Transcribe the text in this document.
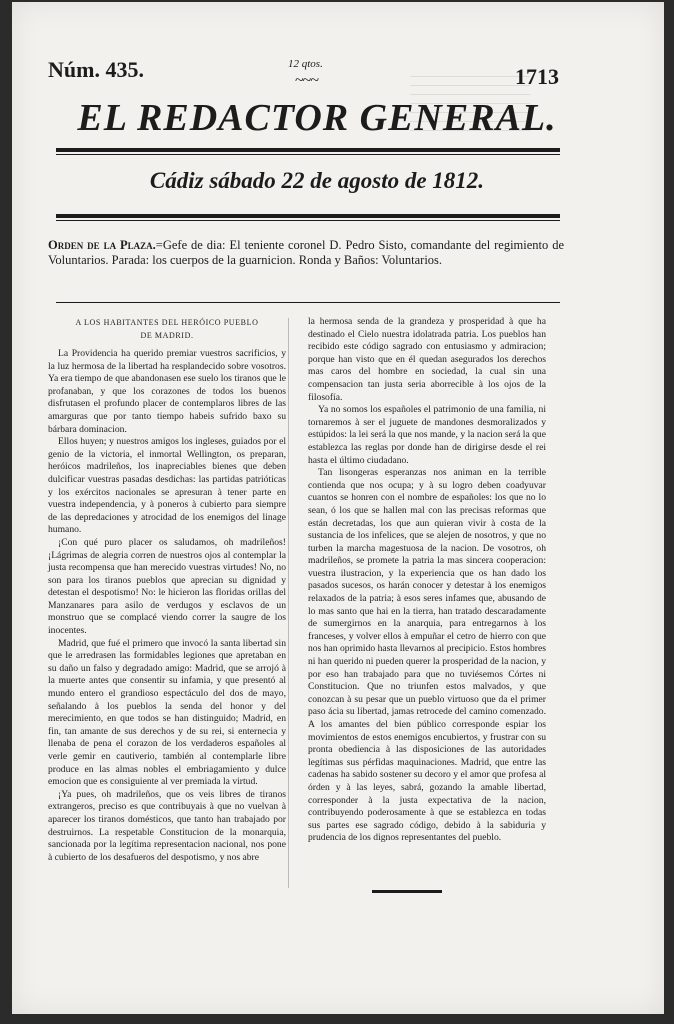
Núm. 435.	12 qtos.
~~~	1713
EL REDACTOR GENERAL.
Cádiz sábado 22 de agosto de 1812.
Orden de la Plaza.=Gefe de dia: El teniente coronel D. Pedro Sisto, comandante del regimiento de Voluntarios. Parada: los cuerpos de la guarnicion. Ronda y Baños: Voluntarios.
A LOS HABITANTES DEL HERÓICO PUEBLO
DE MADRID.

La Providencia ha querido premiar vuestros sacrificios, y la luz hermosa de la libertad ha resplandecido sobre vosotros. Ya era tiempo de que abandonasen ese suelo los tiranos que le profanaban, y que los corazones de todos los buenos disfrutasen el profundo placer de contemplaros libres de las amarguras que por tanto tiempo habeis sufrido baxo su bárbara dominacion.

Ellos huyen; y nuestros amigos los ingleses, guiados por el genio de la victoria, el inmortal Wellington, os preparan, heróicos madrileños, los inapreciables bienes que deben dulcificar vuestras pasadas desdichas: las partidas patrióticas y los exércitos nacionales se apresuran à tener parte en vuestra independencia, y à poneros à cubierto para siempre de las depredaciones y atrocidad de los enemigos del linage humano.

¡Con qué puro placer os saludamos, oh madrileños! ¡Lágrimas de alegria corren de nuestros ojos al contemplar la justa recompensa que han merecido vuestras virtudes! No, no son para los tiranos pueblos que aprecian su dignidad y detestan el despotismo! No: le hicieron las floridas orillas del Manzanares para asilo de verdugos y esclavos de un monstruo que se complacé viendo correr la saugre de los inocentes.

Madrid, que fué el primero que invocó la santa libertad sin que le arredrasen las formidables legiones que apretaban en su daño un falso y degradado amigo: Madrid, que se arrojó à la muerte antes que consentir su infamia, y que presentó al mundo entero el grandioso espectáculo del dos de mayo, señalando à los pueblos la senda del honor y del merecimiento, en que todos se han distinguido; Madrid, en fin, tan amante de sus derechos y de su rei, si enternecia y llenaba de pena el corazon de los verdaderos españoles al verle gemir en cautiverio, también al contemplarle libre produce en las almas nobles el embriagamiento y dulce emocion que es consiguiente al ver premiada la virtud.

¡Ya pues, oh madrileños, que os veis libres de tiranos extrangeros, preciso es que contribuyais à que no vuelvan à aparecer los tiranos domésticos, que tanto han trabajado por destruirnos. La respetable Constitucion de la monarquia, sancionada por la legítima representacion nacional, nos pone à cubierto de los desafueros del despotismo, y nos abre

la hermosa senda de la grandeza y prosperidad à que ha destinado el Cielo nuestra idolatrada patria. Los pueblos han recibido este código sagrado con entusiasmo y admiracion; porque han visto que en él quedan asegurados los derechos mas caros del hombre en sociedad, la cual sin una compensacion tan justa seria aborrecible à los ojos de la filosofía.

Ya no somos los españoles el patrimonio de una familia, ni tornaremos à ser el juguete de mandones desmoralizados y estúpidos: la lei será la que nos mande, y la nacion será la que establezca las reglas por donde han de dirigirse desde el rei hasta el último ciudadano.

Tan lisongeras esperanzas nos animan en la terrible contienda que nos ocupa; y à su logro deben coadyuvar cuantos se honren con el nombre de españoles: los que no lo sean, ó los que se hallen mal con las precisas reformas que están decretadas, los que aun quieran vivir à costa de la sustancia de los infelices, que se alejen de nosotros, y que no turben la marcha magestuosa de la nacion. De vosotros, oh madrileños, se promete la patria la mas sincera cooperacion: vuestra ilustracion, y la experiencia que os han dado los pasados sucesos, os harán conocer y detestar à los enemigos relaxados de la patria; à esos seres infames que, abusando de lo mas santo que hai en la tierra, han tratado descaradamente de sumergirnos en la anarquia, para entregarnos à los franceses, y volver ellos à empuñar el cetro de hierro con que nos han oprimido hasta llevarnos al precipicio. Estos hombres ni han querido ni pueden querer la prosperidad de la nacion, y por eso han trabajado para que no tuviésemos Córtes ni Constitucion. Que no triunfen estos malvados, y que conozcan à su pesar que un pueblo virtuoso que da el primer paso ácia su libertad, jamas retrocede del camino comenzado. A los amantes del bien público corresponde espiar los movimientos de estos enemigos encubiertos, y frustrar con su pronta obediencia à las disposiciones de las autoridades legítimas sus pérfidas maquinaciones. Madrid, que entre las cadenas ha sabido sostener su decoro y el amor que profesa al órden y à las leyes, sabrá, gozando la amable libertad, corresponder à la justa expectativa de la nacion, contribuyendo poderosamente à que se establezca en todas sus partes ese sagrado código, debido à la sabiduria y prudencia de los dignos representantes del pueblo.
